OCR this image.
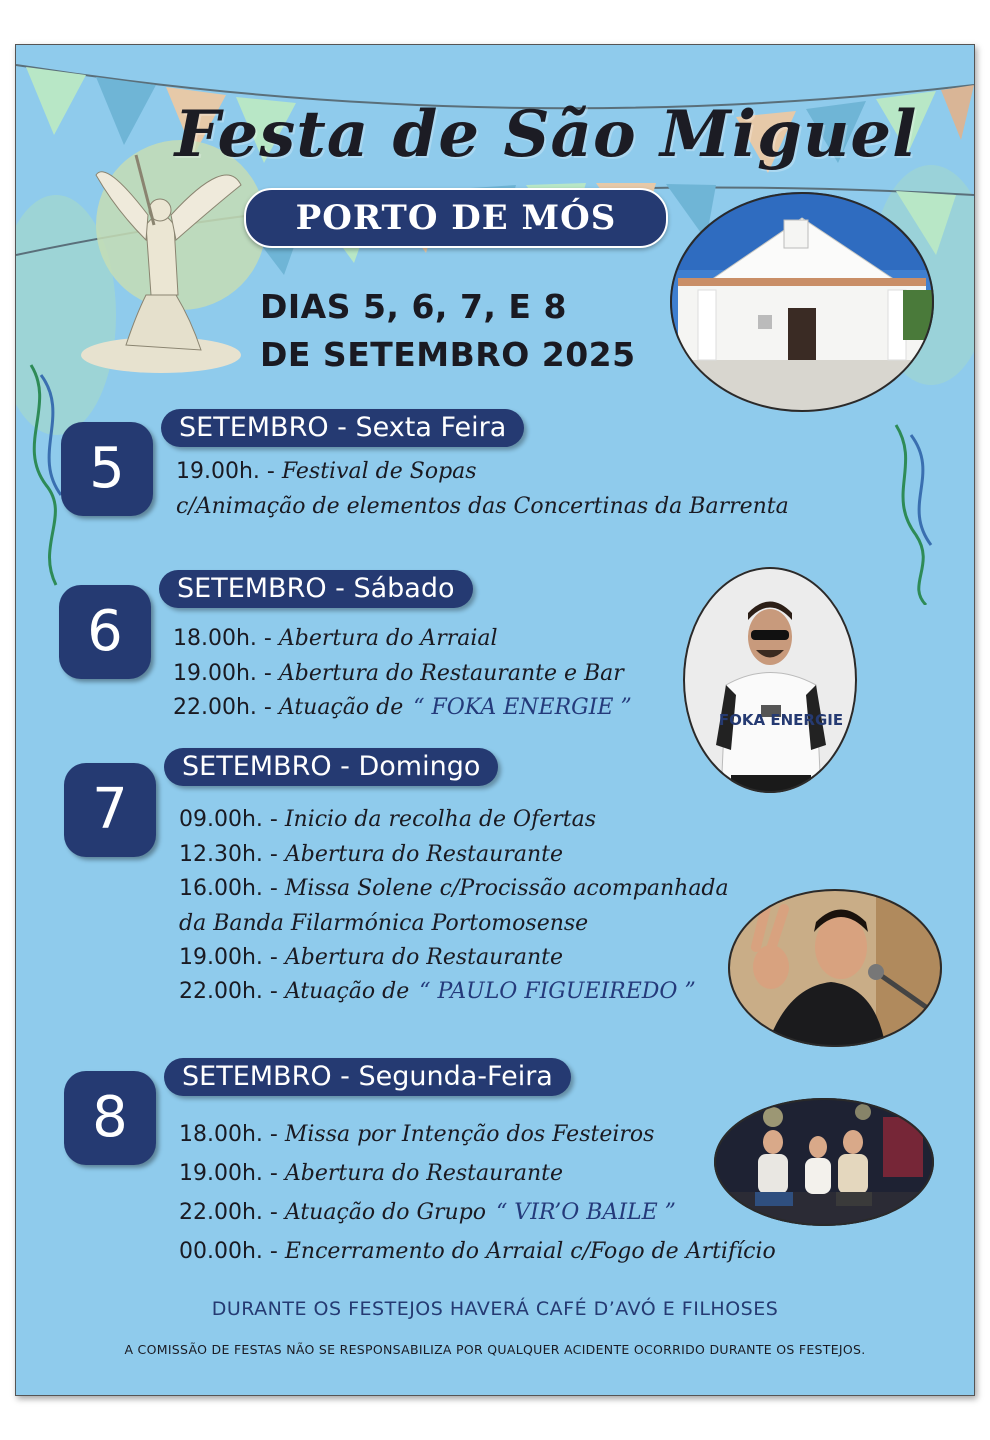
Festa de São Miguel
PORTO DE MÓS
DIAS 5, 6, 7, E 8
DE SETEMBRO 2025
5
SETEMBRO - Sexta Feira
19.00h. - Festival de Sopas
c/Animação de elementos das Concertinas da Barrenta
6
SETEMBRO - Sábado
18.00h. - Abertura do Arraial
19.00h. - Abertura do Restaurante e Bar
22.00h. - Atuação de “ FOKA ENERGIE ”	FOKA ENERGIE
7
SETEMBRO - Domingo
09.00h. - Inicio da recolha de Ofertas
12.30h. - Abertura do Restaurante
16.00h. - Missa Solene c/Procissão acompanhada
da Banda Filarmónica Portomosense
19.00h. - Abertura do Restaurante
22.00h. - Atuação de “ PAULO FIGUEIREDO ”
8
SETEMBRO - Segunda-Feira
18.00h. - Missa por Intenção dos Festeiros
19.00h. - Abertura do Restaurante
22.00h. - Atuação do Grupo “ VIR’O BAILE ”
00.00h. - Encerramento do Arraial c/Fogo de Artifício
DURANTE OS FESTEJOS HAVERÁ CAFÉ D’AVÓ E FILHOSES
A COMISSÃO DE FESTAS NÃO SE RESPONSABILIZA POR QUALQUER ACIDENTE OCORRIDO DURANTE OS FESTEJOS.
